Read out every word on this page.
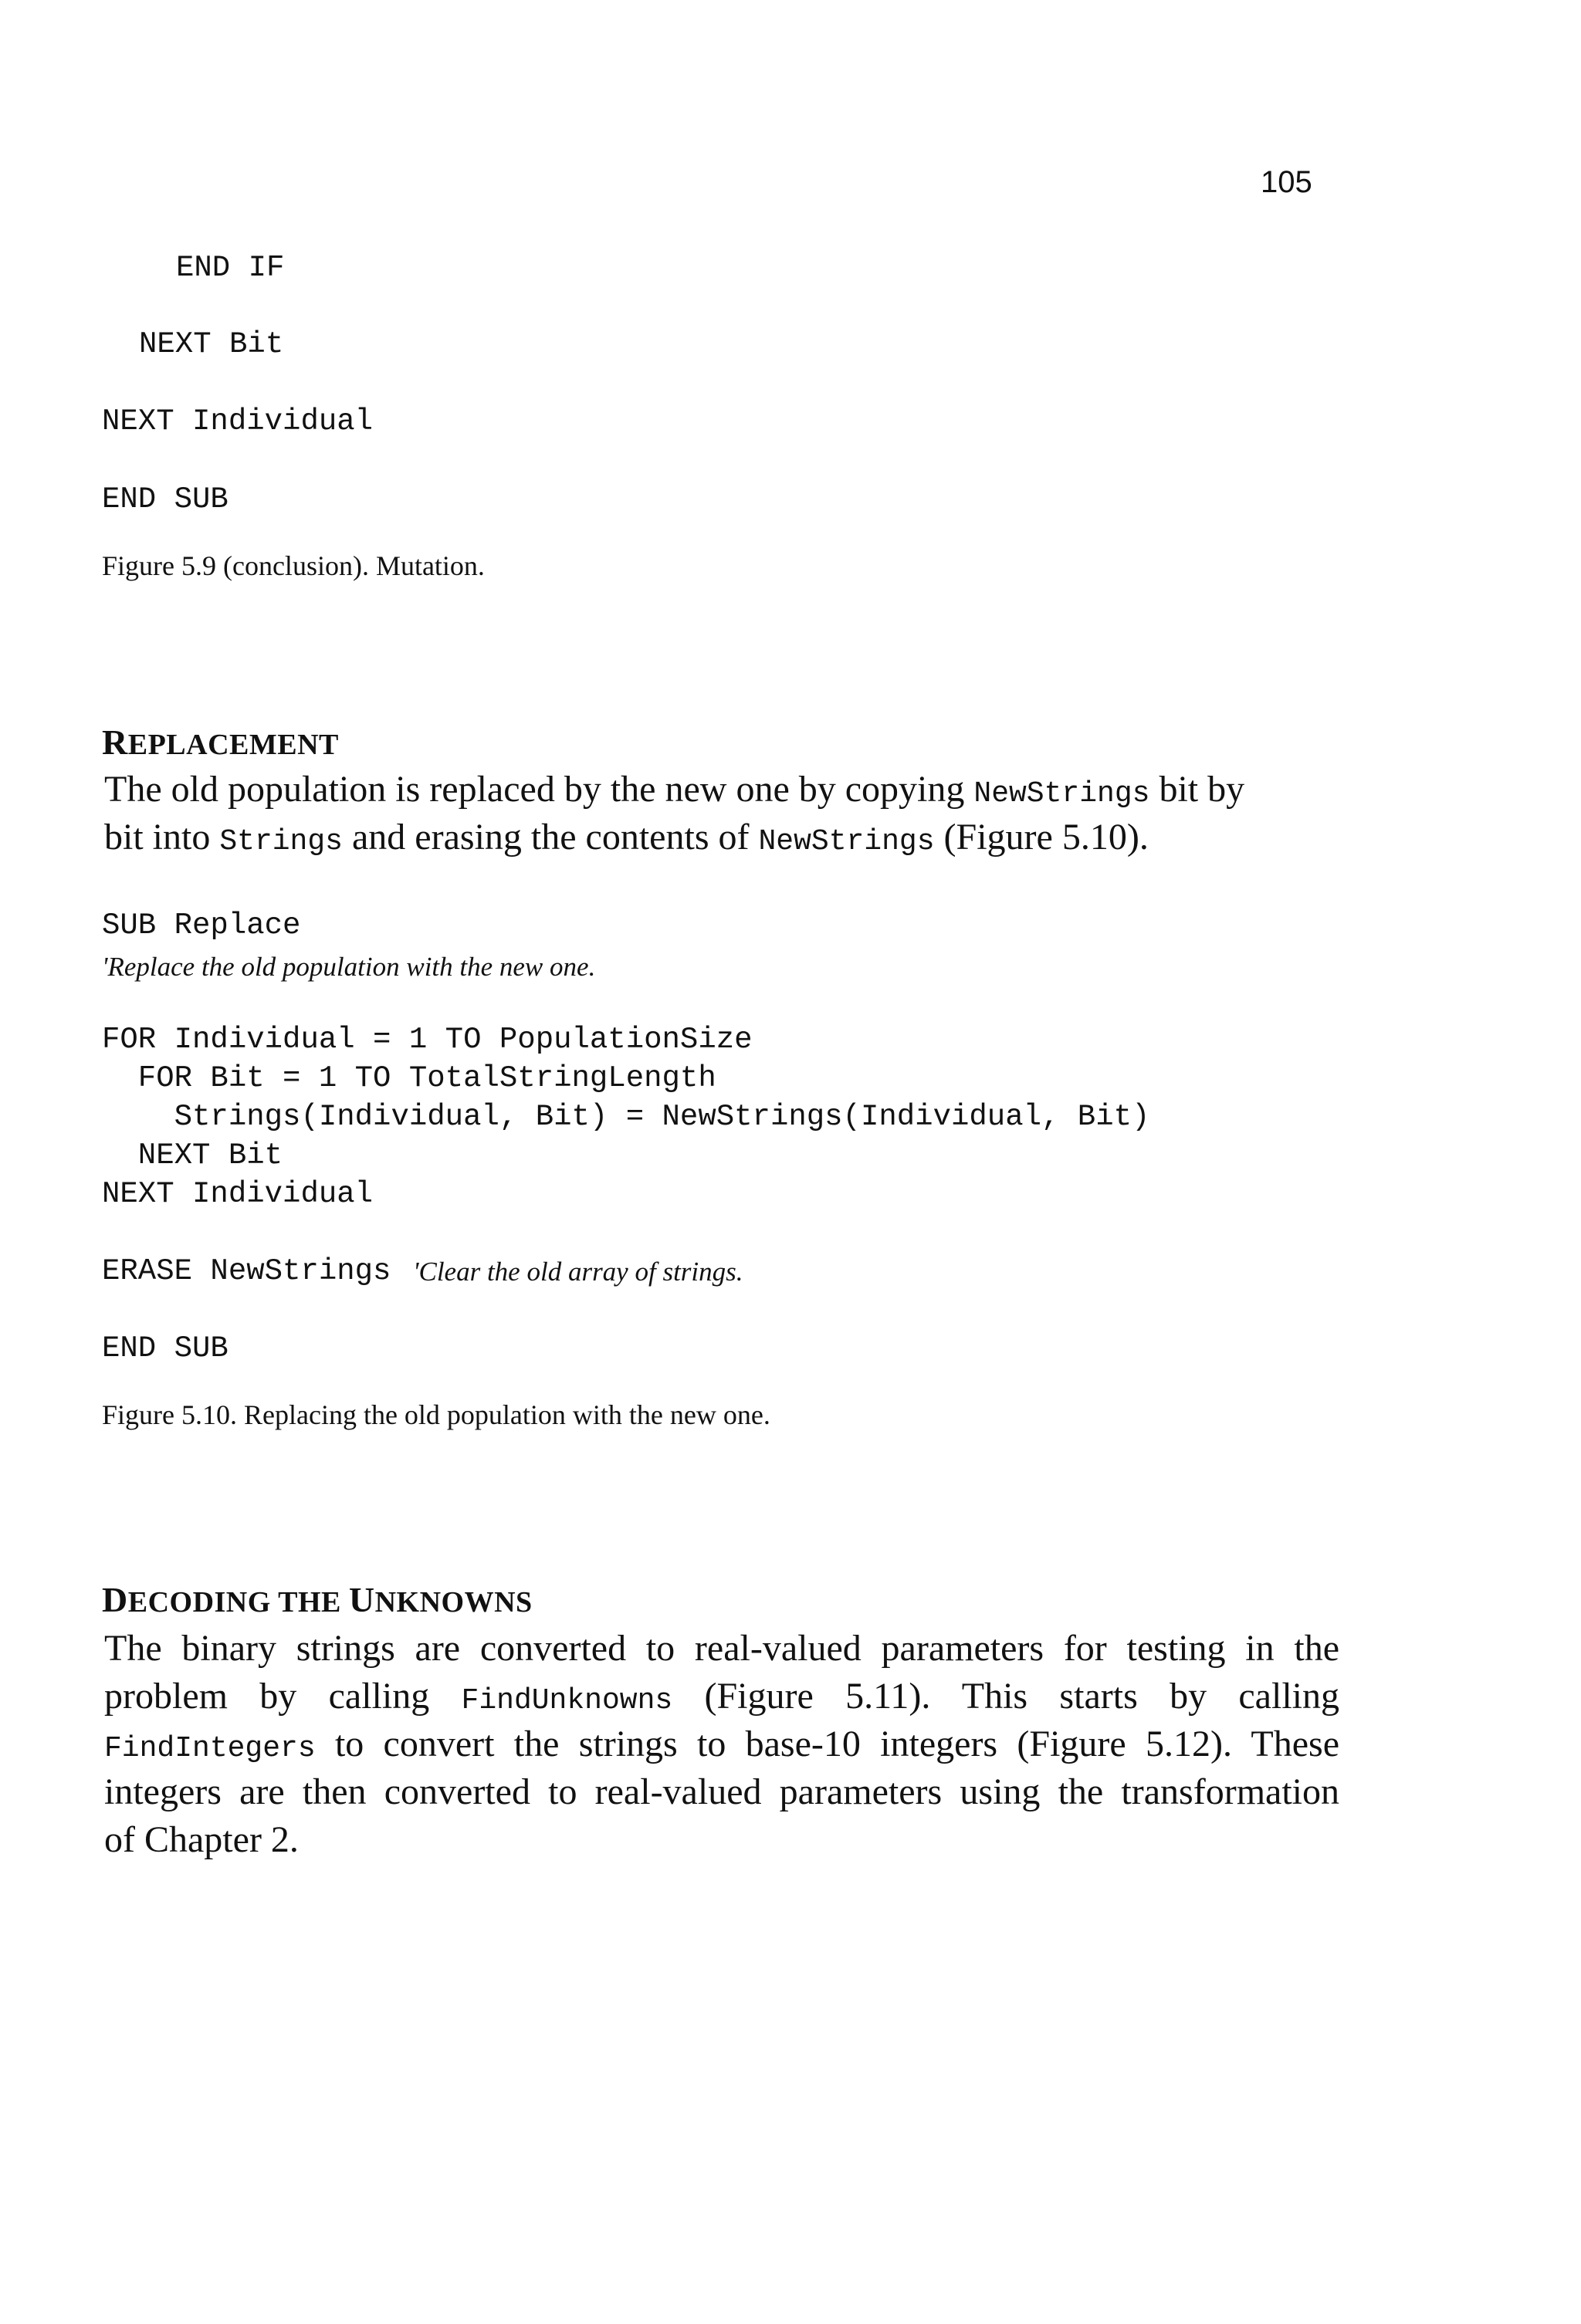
105
END IF
NEXT Bit
NEXT Individual
END SUB
Figure 5.9 (conclusion). Mutation.
REPLACEMENT
The old population is replaced by the new one by copying NewStrings bit by
bit into Strings and erasing the contents of NewStrings (Figure 5.10).
SUB Replace
'Replace the old population with the new one.
FOR Individual = 1 TO PopulationSize
FOR Bit = 1 TO TotalStringLength
Strings(Individual, Bit) = NewStrings(Individual, Bit)
NEXT Bit
NEXT Individual
ERASE NewStrings 'Clear the old array of strings.
END SUB
Figure 5.10. Replacing the old population with the new one.
DECODING THE UNKNOWNS
The binary strings are converted to real-valued parameters for testing in the
problem by calling FindUnknowns (Figure 5.11). This starts by calling
FindIntegers to convert the strings to base-10 integers (Figure 5.12). These
integers are then converted to real-valued parameters using the transformation
of Chapter 2.
